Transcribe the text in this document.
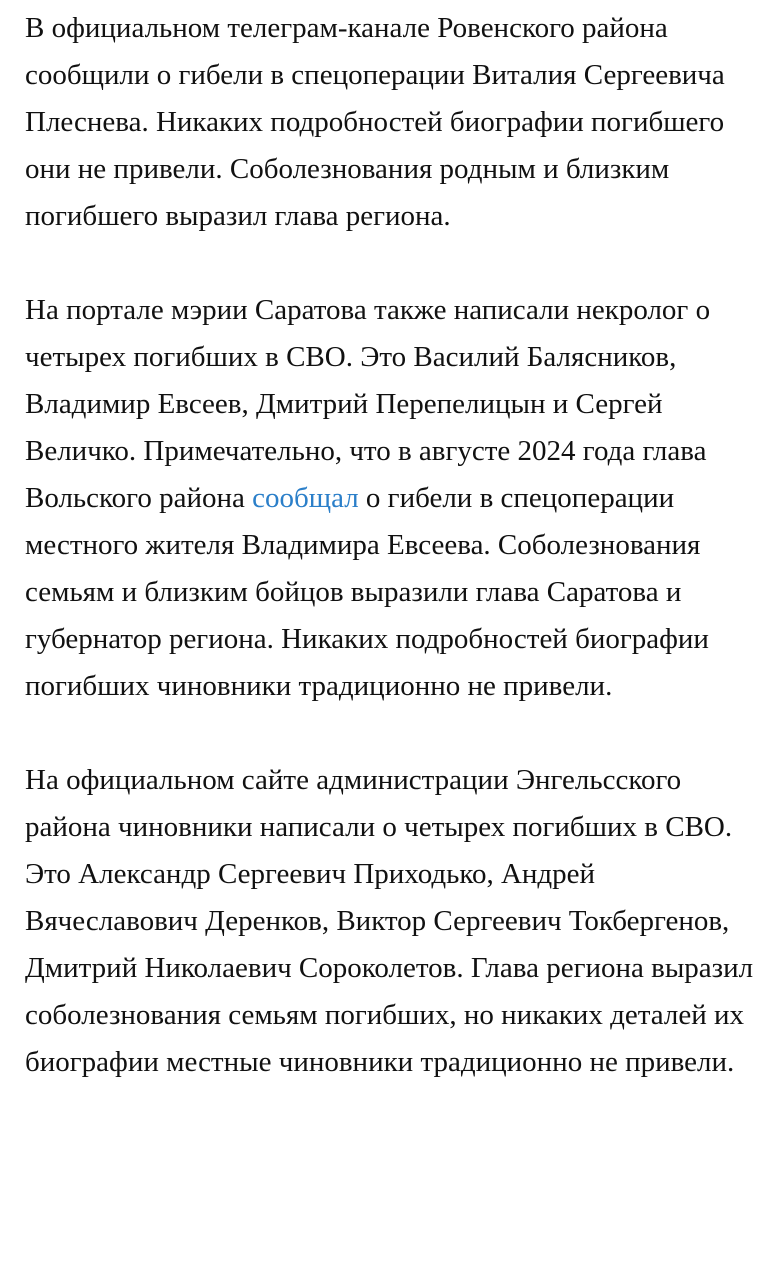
В официальном телеграм-канале Ровенского района сообщили о гибели в спецоперации Виталия Сергеевича Плеснева. Никаких подробностей биографии погибшего они не привели. Соболезнования родным и близким погибшего выразил глава региона.

На портале мэрии Саратова также написали некролог о четырех погибших в СВО. Это Василий Балясников, Владимир Евсеев, Дмитрий Перепелицын и Сергей Величко. Примечательно, что в августе 2024 года глава Вольского района сообщал о гибели в спецоперации местного жителя Владимира Евсеева. Соболезнования семьям и близким бойцов выразили глава Саратова и губернатор региона. Никаких подробностей биографии погибших чиновники традиционно не привели.

На официальном сайте администрации Энгельсского района чиновники написали о четырех погибших в СВО. Это Александр Сергеевич Приходько, Андрей Вячеславович Деренков, Виктор Сергеевич Токбергенов, Дмитрий Николаевич Сороколетов. Глава региона выразил соболезнования семьям погибших, но никаких деталей их биографии местные чиновники традиционно не привели.
